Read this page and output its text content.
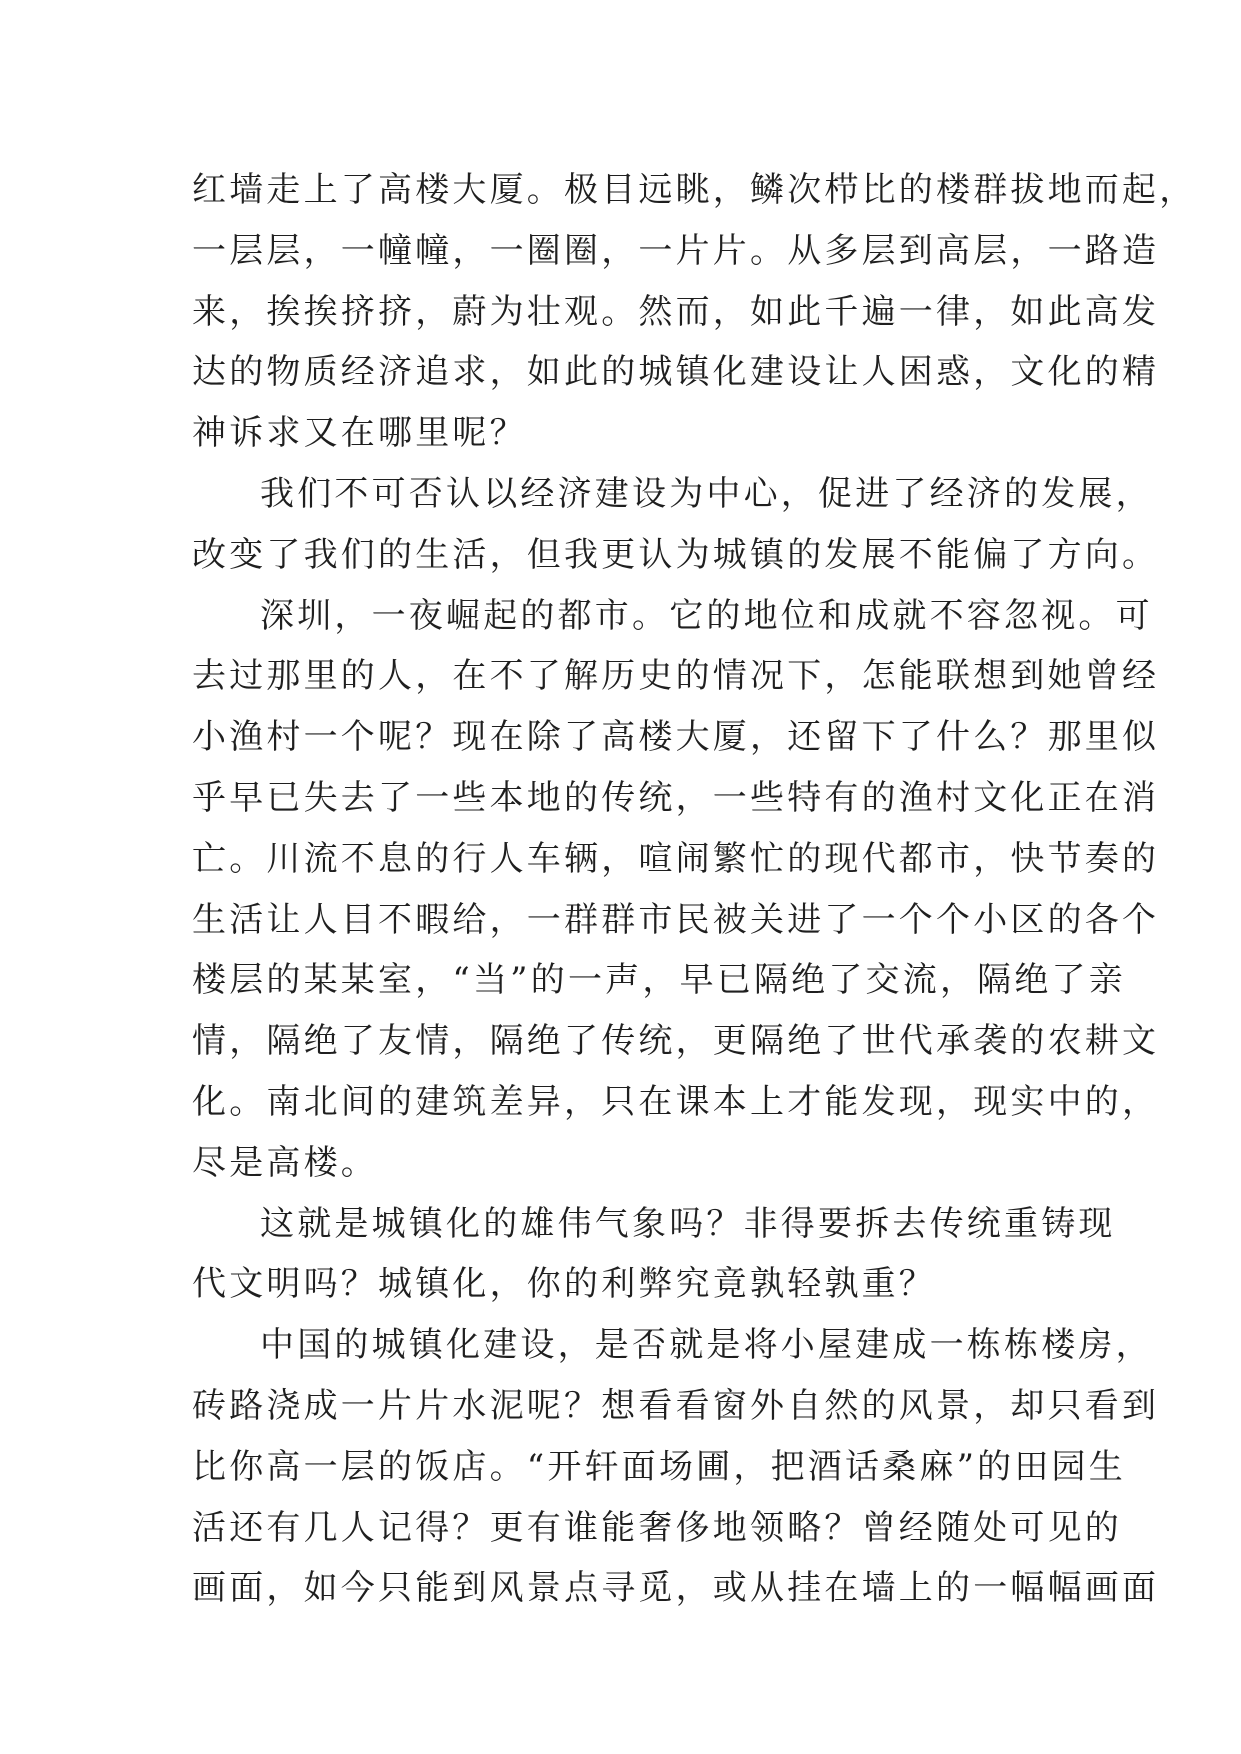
红墙走上了高楼大厦。极目远眺，鳞次栉比的楼群拔地而起，
一层层，一幢幢，一圈圈，一片片。从多层到高层，一路造
来，挨挨挤挤，蔚为壮观。然而，如此千遍一律，如此高发
达的物质经济追求，如此的城镇化建设让人困惑，文化的精
神诉求又在哪里呢？
我们不可否认以经济建设为中心，促进了经济的发展，
改变了我们的生活，但我更认为城镇的发展不能偏了方向。
深圳，一夜崛起的都市。它的地位和成就不容忽视。可
去过那里的人，在不了解历史的情况下，怎能联想到她曾经
小渔村一个呢？现在除了高楼大厦，还留下了什么？那里似
乎早已失去了一些本地的传统，一些特有的渔村文化正在消
亡。川流不息的行人车辆，喧闹繁忙的现代都市，快节奏的
生活让人目不暇给，一群群市民被关进了一个个小区的各个
楼层的某某室，“当”的一声，早已隔绝了交流，隔绝了亲
情，隔绝了友情，隔绝了传统，更隔绝了世代承袭的农耕文
化。南北间的建筑差异，只在课本上才能发现，现实中的，
尽是高楼。
这就是城镇化的雄伟气象吗？非得要拆去传统重铸现
代文明吗？城镇化，你的利弊究竟孰轻孰重？
中国的城镇化建设，是否就是将小屋建成一栋栋楼房，
砖路浇成一片片水泥呢？想看看窗外自然的风景，却只看到
比你高一层的饭店。“开轩面场圃，把酒话桑麻”的田园生
活还有几人记得？更有谁能奢侈地领略？曾经随处可见的
画面，如今只能到风景点寻觅，或从挂在墙上的一幅幅画面
